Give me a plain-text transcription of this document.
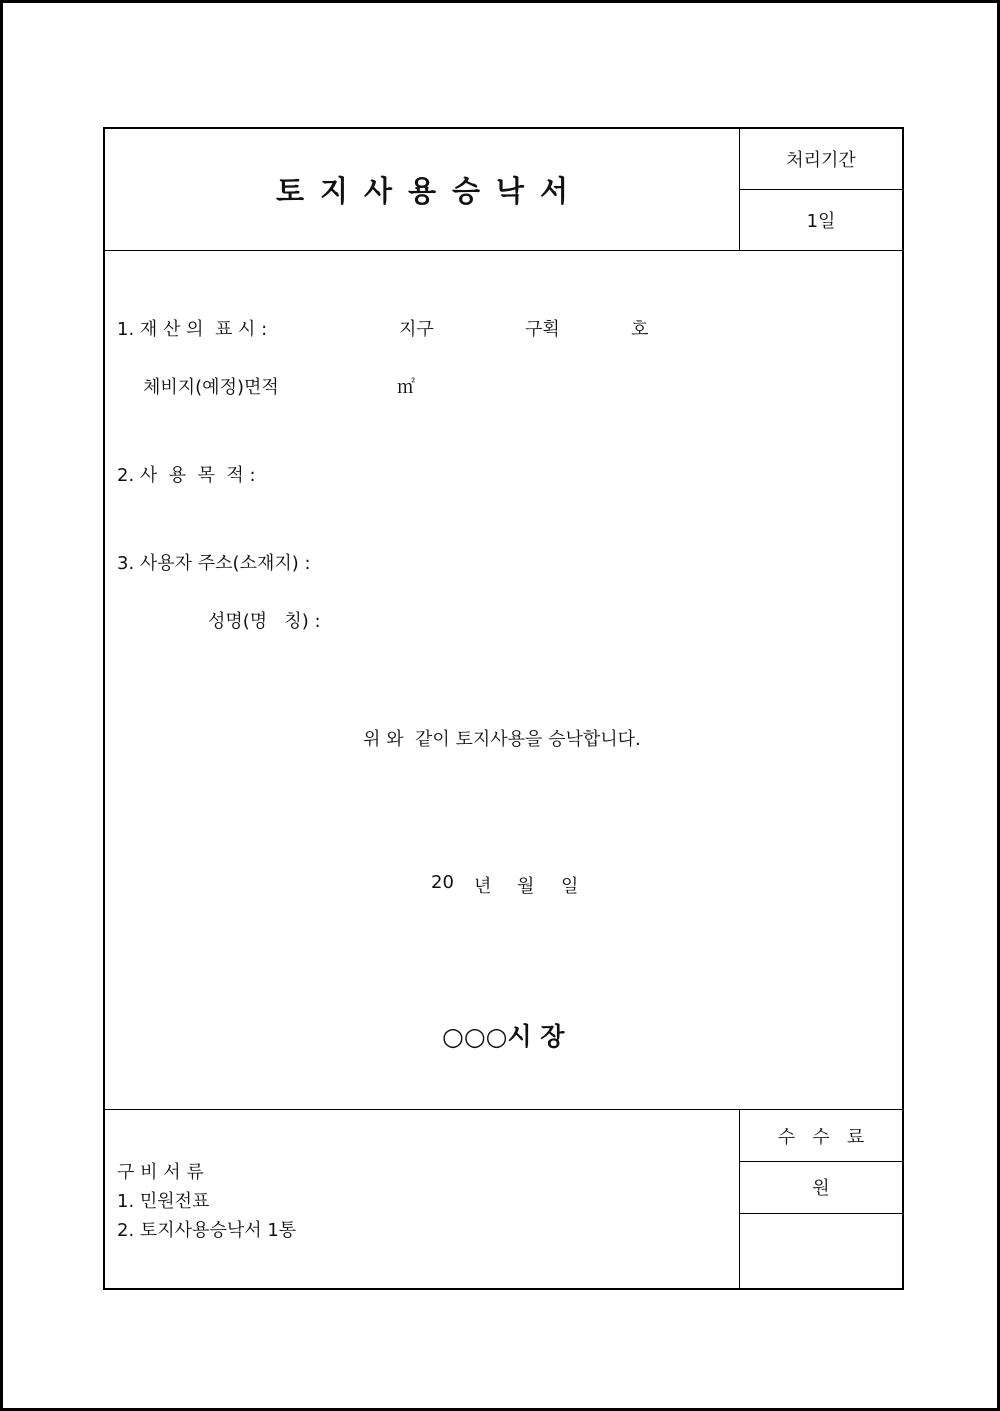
토지사용승낙서
처리기간
1일
1. 재 산 의  표 시 :	지구	구획	호
체비지(예정)면적	㎡
2. 사  용  목  적 :
3. 사용자 주소(소재지) :
성명(명   칭) :
위 와  같이 토지사용을 승낙합니다.
20 년 월 일
○○○시 장
구 비 서 류
1. 민원전표
2. 토지사용승낙서 1통
수   수   료
원
